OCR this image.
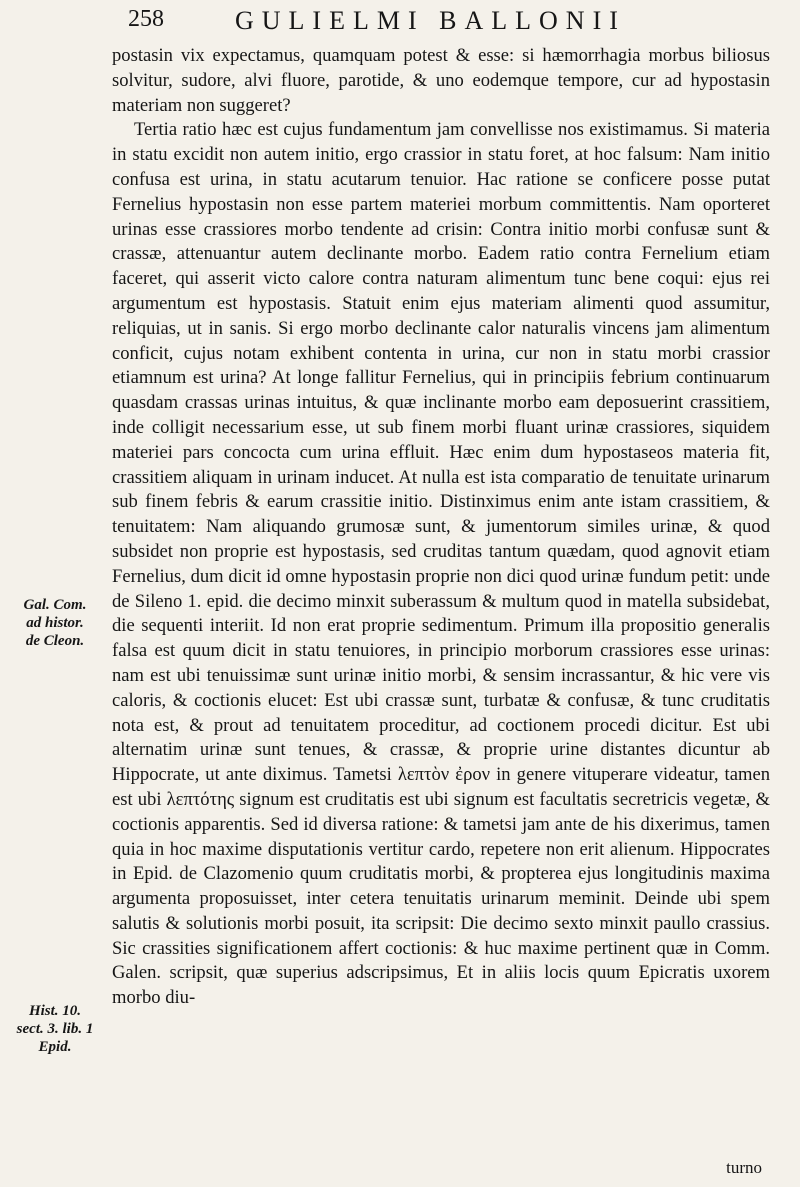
258	GULIELMI BALLONII
Gal. Com.
ad histor.
de Cleon.
Hist. 10.
sect. 3. lib. 1
Epid.

postasin vix expectamus, quamquam potest & esse: si hæmorrhagia morbus biliosus solvitur, sudore, alvi fluore, parotide, & uno eodemque tempore, cur ad hypostasin materiam non suggeret?

Tertia ratio hæc est cujus fundamentum jam convellisse nos existimamus. Si materia in statu excidit non autem initio, ergo crassior in statu foret, at hoc falsum: Nam initio confusa est urina, in statu acutarum tenuior. Hac ratione se conficere posse putat Fernelius hypostasin non esse partem materiei morbum committentis. Nam oporteret urinas esse crassiores morbo tendente ad crisin: Contra initio morbi confusæ sunt & crassæ, attenuantur autem declinante morbo. Eadem ratio contra Fernelium etiam faceret, qui asserit victo calore contra naturam alimentum tunc bene coqui: ejus rei argumentum est hypostasis. Statuit enim ejus materiam alimenti quod assumitur, reliquias, ut in sanis. Si ergo morbo declinante calor naturalis vincens jam alimentum conficit, cujus notam exhibent contenta in urina, cur non in statu morbi crassior etiamnum est urina? At longe fallitur Fernelius, qui in principiis febrium continuarum quasdam crassas urinas intuitus, & quæ inclinante morbo eam deposuerint crassitiem, inde colligit necessarium esse, ut sub finem morbi fluant urinæ crassiores, siquidem materiei pars concocta cum urina effluit. Hæc enim dum hypostaseos materia fit, crassitiem aliquam in urinam inducet. At nulla est ista comparatio de tenuitate urinarum sub finem febris & earum crassitie initio. Distinximus enim ante istam crassitiem, & tenuitatem: Nam aliquando grumosæ sunt, & jumentorum similes urinæ, & quod subsidet non proprie est hypostasis, sed cruditas tantum quædam, quod agnovit etiam Fernelius, dum dicit id omne hypostasin proprie non dici quod urinæ fundum petit: unde de Sileno 1. epid. die decimo minxit suberassum & multum quod in matella subsidebat, die sequenti interiit. Id non erat proprie sedimentum. Primum illa propositio generalis falsa est quum dicit in statu tenuiores, in principio morborum crassiores esse urinas: nam est ubi tenuissimæ sunt urinæ initio morbi, & sensim incrassantur, & hic vere vis caloris, & coctionis elucet: Est ubi crassæ sunt, turbatæ & confusæ, & tunc cruditatis nota est, & prout ad tenuitatem proceditur, ad coctionem procedi dicitur. Est ubi alternatim urinæ sunt tenues, & crassæ, & proprie urine distantes dicuntur ab Hippocrate, ut ante diximus. Tametsi λεπτὸν ἐρον in genere vituperare videatur, tamen est ubi λεπτότης signum est cruditatis est ubi signum est facultatis secretricis vegetæ, & coctionis apparentis. Sed id diversa ratione: & tametsi jam ante de his dixerimus, tamen quia in hoc maxime disputationis vertitur cardo, repetere non erit alienum. Hippocrates in Epid. de Clazomenio quum cruditatis morbi, & propterea ejus longitudinis maxima argumenta proposuisset, inter cetera tenuitatis urinarum meminit. Deinde ubi spem salutis & solutionis morbi posuit, ita scripsit: Die decimo sexto minxit paullo crassius. Sic crassities significationem affert coctionis: & huc maxime pertinent quæ in Comm. Galen. scripsit, quæ superius adscripsimus, Et in aliis locis quum Epicratis uxorem morbo diu-

turno
